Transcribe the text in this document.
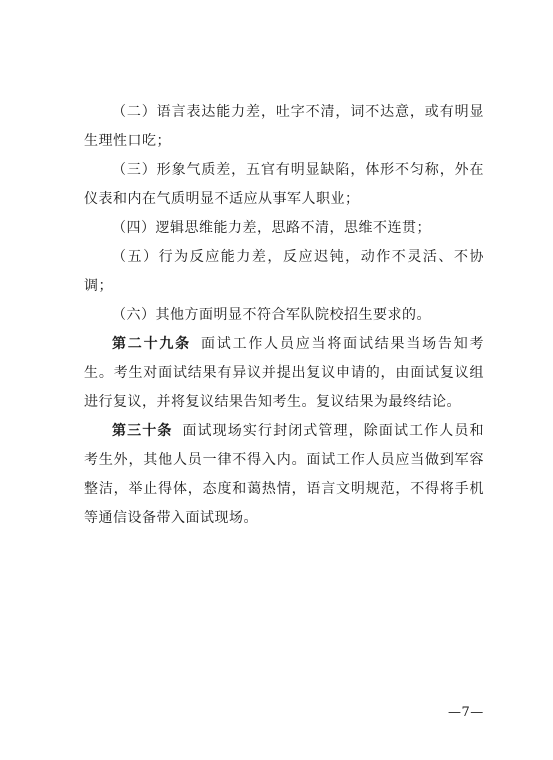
（二）语言表达能力差，吐字不清，词不达意，或有明显生理性口吃；

（三）形象气质差，五官有明显缺陷，体形不匀称，外在仪表和内在气质明显不适应从事军人职业；

（四）逻辑思维能力差，思路不清，思维不连贯；

（五）行为反应能力差，反应迟钝，动作不灵活、不协调；

（六）其他方面明显不符合军队院校招生要求的。

第二十九条 面试工作人员应当将面试结果当场告知考生。考生对面试结果有异议并提出复议申请的，由面试复议组进行复议，并将复议结果告知考生。复议结果为最终结论。

第三十条 面试现场实行封闭式管理，除面试工作人员和考生外，其他人员一律不得入内。面试工作人员应当做到军容整洁，举止得体，态度和蔼热情，语言文明规范，不得将手机等通信设备带入面试现场。

—7—
